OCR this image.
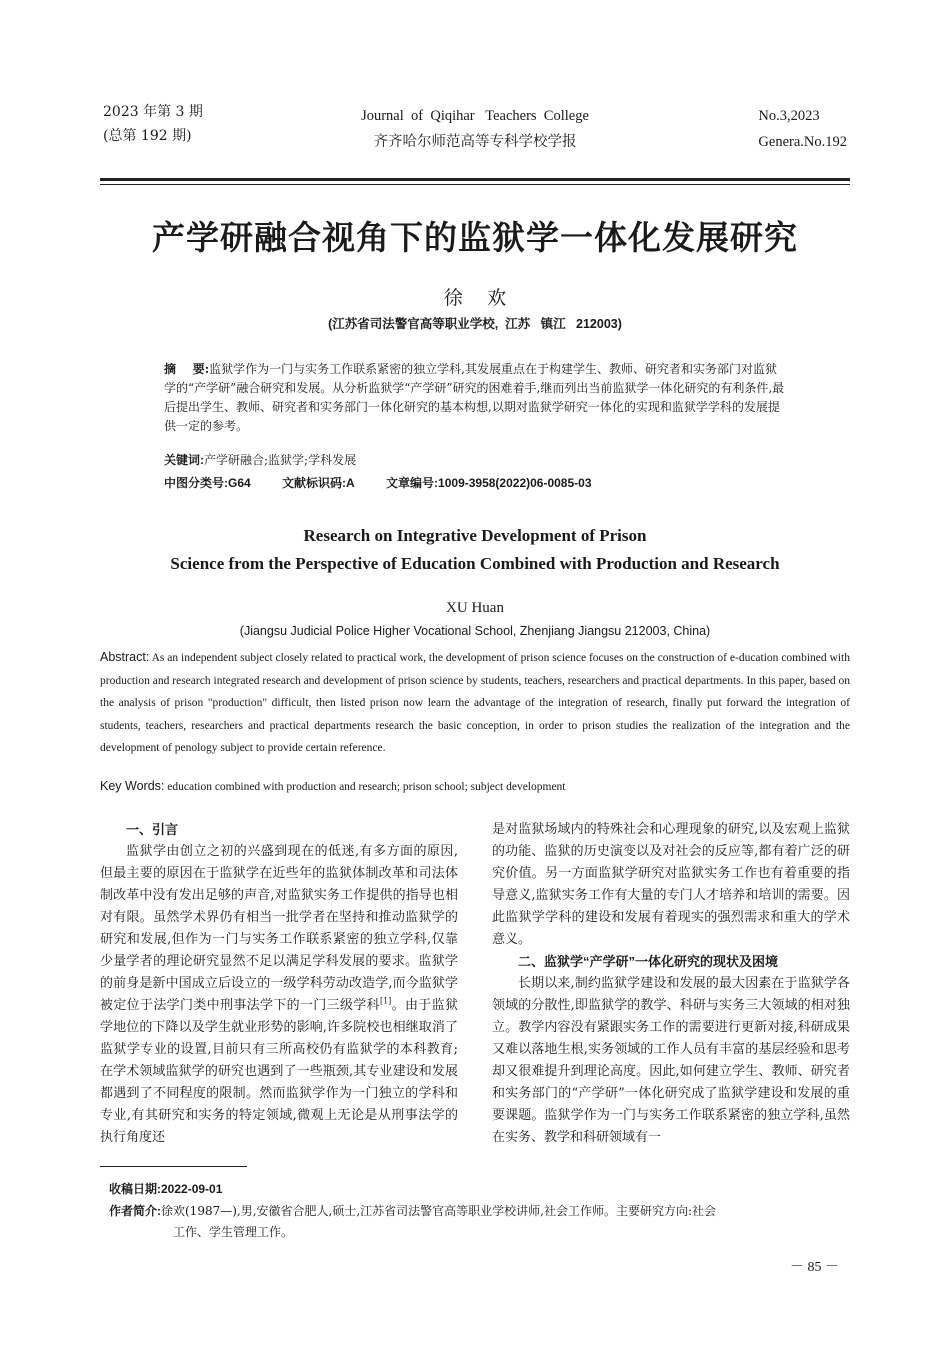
2023 年第 3 期
(总第 192 期)
Journal  of  Qiqihar   Teachers  College
齐齐哈尔师范高等专科学校学报
No.3,2023
Genera.No.192
产学研融合视角下的监狱学一体化发展研究
徐    欢
(江苏省司法警官高等职业学校,  江苏   镇江   212003)
摘    要:监狱学作为一门与实务工作联系紧密的独立学科,其发展重点在于构建学生、教师、研究者和实务部门对监狱学的“产学研”融合研究和发展。从分析监狱学“产学研”研究的困难着手,继而列出当前监狱学一体化研究的有利条件,最后提出学生、教师、研究者和实务部门一体化研究的基本构想,以期对监狱学研究一体化的实现和监狱学学科的发展提供一定的参考。
关键词:产学研融合;监狱学;学科发展
中图分类号:G64	文献标识码:A	文章编号:1009-3958(2022)06-0085-03
Research on Integrative Development of Prison
Science from the Perspective of Education Combined with Production and Research
XU Huan
(Jiangsu Judicial Police Higher Vocational School, Zhenjiang Jiangsu 212003, China)
Abstract: As an independent subject closely related to practical work, the development of prison science focuses on the construction of e-ducation combined with production and research integrated research and development of prison science by students, teachers, researchers and practical departments. In this paper, based on the analysis of prison "production" difficult, then listed prison now learn the advantage of the integration of research, finally put forward the integration of students, teachers, researchers and practical departments research the basic conception, in order to prison studies the realization of the integration and the development of penology subject to provide certain reference.
Key Words: education combined with production and research; prison school; subject development
一、引言

监狱学由创立之初的兴盛到现在的低迷,有多方面的原因,但最主要的原因在于监狱学在近些年的监狱体制改革和司法体制改革中没有发出足够的声音,对监狱实务工作提供的指导也相对有限。虽然学术界仍有相当一批学者在坚持和推动监狱学的研究和发展,但作为一门与实务工作联系紧密的独立学科,仅靠少量学者的理论研究显然不足以满足学科发展的要求。监狱学的前身是新中国成立后设立的一级学科劳动改造学,而今监狱学被定位于法学门类中刑事法学下的一门三级学科[1]。由于监狱学地位的下降以及学生就业形势的影响,许多院校也相继取消了监狱学专业的设置,目前只有三所高校仍有监狱学的本科教育;在学术领域监狱学的研究也遇到了一些瓶颈,其专业建设和发展都遇到了不同程度的限制。然而监狱学作为一门独立的学科和专业,有其研究和实务的特定领域,微观上无论是从刑事法学的执行角度还

是对监狱场域内的特殊社会和心理现象的研究,以及宏观上监狱的功能、监狱的历史演变以及对社会的反应等,都有着广泛的研究价值。另一方面监狱学研究对监狱实务工作也有着重要的指导意义,监狱实务工作有大量的专门人才培养和培训的需要。因此监狱学学科的建设和发展有着现实的强烈需求和重大的学术意义。

二、监狱学“产学研”一体化研究的现状及困境

长期以来,制约监狱学建设和发展的最大因素在于监狱学各领域的分散性,即监狱学的教学、科研与实务三大领域的相对独立。教学内容没有紧跟实务工作的需要进行更新对接,科研成果又难以落地生根,实务领域的工作人员有丰富的基层经验和思考却又很难提升到理论高度。因此,如何建立学生、教师、研究者和实务部门的“产学研”一体化研究成了监狱学建设和发展的重要课题。监狱学作为一门与实务工作联系紧密的独立学科,虽然在实务、教学和科研领域有一

收稿日期:2022-09-01
作者简介:徐欢(1987—),男,安徽省合肥人,硕士,江苏省司法警官高等职业学校讲师,社会工作师。主要研究方向:社会
工作、学生管理工作。
－ 85 －
